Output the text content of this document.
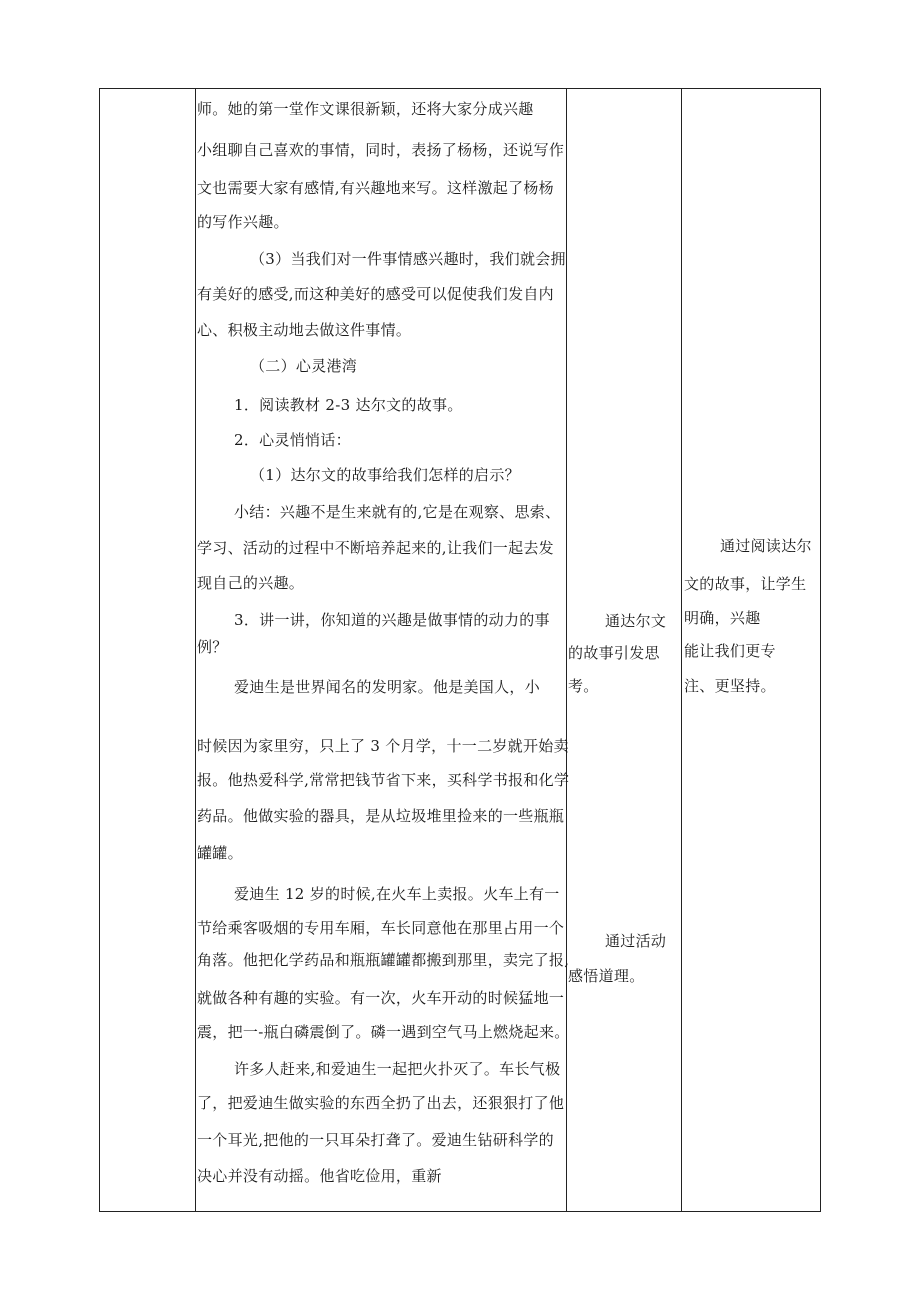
师。她的第一堂作文课很新颖，还将大家分成兴趣
小组聊自己喜欢的事情，同时，表扬了杨杨，还说写作
文也需要大家有感情,有兴趣地来写。这样激起了杨杨
的写作兴趣。
（3）当我们对一件事情感兴趣时，我们就会拥
有美好的感受,而这种美好的感受可以促使我们发自内
心、积极主动地去做这件事情。
（二）心灵港湾
1．阅读教材 2-3 达尔文的故事。
2．心灵悄悄话：
（1）达尔文的故事给我们怎样的启示？
小结：兴趣不是生来就有的,它是在观察、思索、
学习、活动的过程中不断培养起来的,让我们一起去发
现自己的兴趣。
3．讲一讲，你知道的兴趣是做事情的动力的事
例？
爱迪生是世界闻名的发明家。他是美国人，小
时候因为家里穷，只上了 3 个月学，十一二岁就开始卖
报。他热爱科学,常常把钱节省下来，买科学书报和化学
药品。他做实验的器具，是从垃圾堆里捡来的一些瓶瓶
罐罐。
爱迪生 12 岁的时候,在火车上卖报。火车上有一
节给乘客吸烟的专用车厢，车长同意他在那里占用一个
角落。他把化学药品和瓶瓶罐罐都搬到那里，卖完了报,
就做各种有趣的实验。有一次，火车开动的时候猛地一
震，把一-瓶白磷震倒了。磷一遇到空气马上燃烧起来。
许多人赶来,和爱迪生一起把火扑灭了。车长气极
了，把爱迪生做实验的东西全扔了出去，还狠狠打了他
一个耳光,把他的一只耳朵打聋了。爱迪生钻研科学的
决心并没有动摇。他省吃俭用，重新
通达尔文
的故事引发思
考。
通过活动
感悟道理。
通过阅读达尔
文的故事，让学生
明确，兴趣
能让我们更专
注、更坚持。
